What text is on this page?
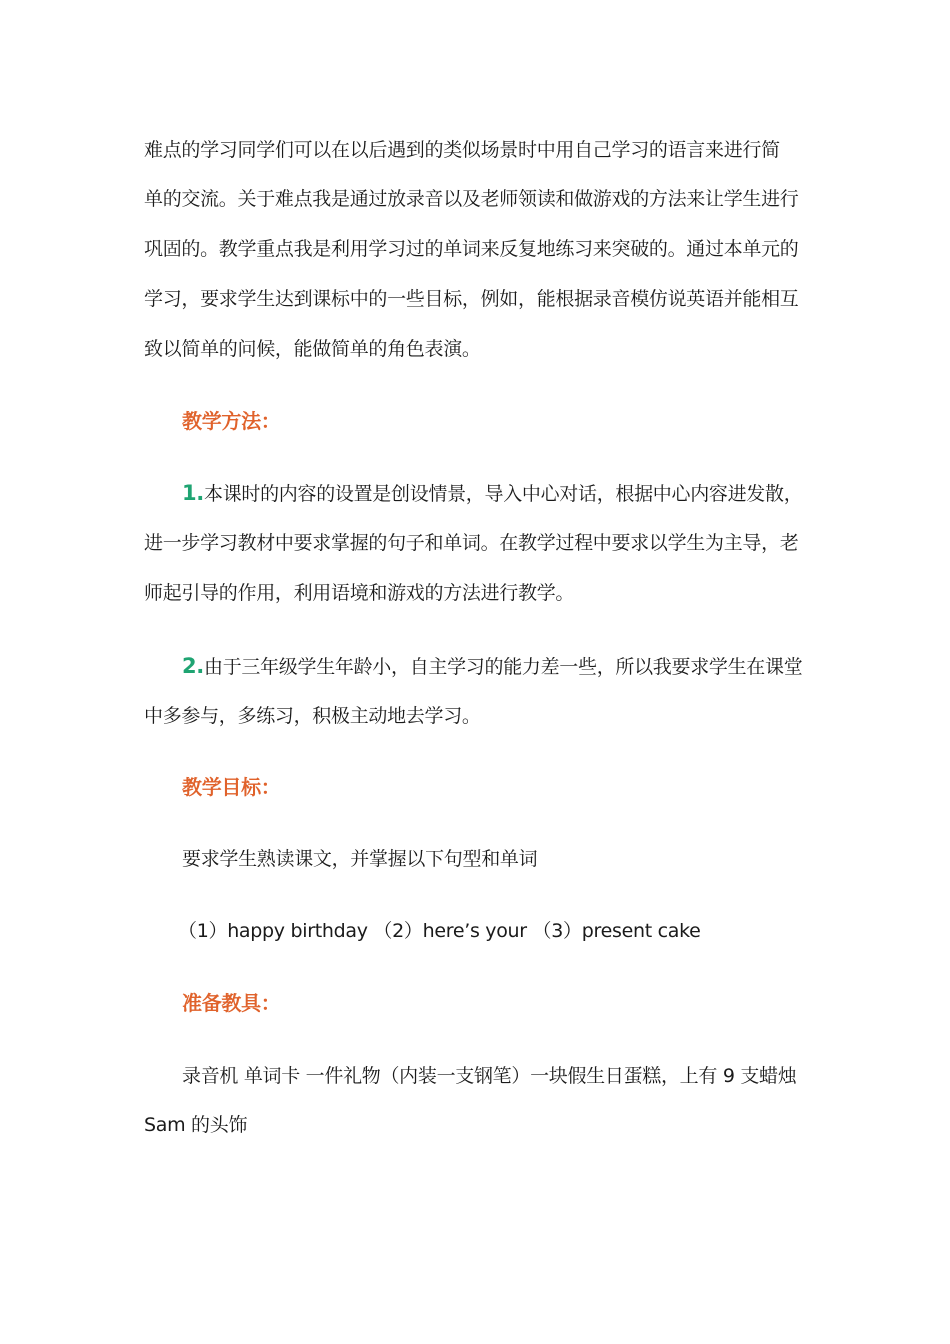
难点的学习同学们可以在以后遇到的类似场景时中用自己学习的语言来进行简
单的交流。关于难点我是通过放录音以及老师领读和做游戏的方法来让学生进行
巩固的。教学重点我是利用学习过的单词来反复地练习来突破的。通过本单元的
学习，要求学生达到课标中的一些目标，例如，能根据录音模仿说英语并能相互
致以简单的问候，能做简单的角色表演。
教学方法：
1.本课时的内容的设置是创设情景，导入中心对话，根据中心内容进发散，
进一步学习教材中要求掌握的句子和单词。在教学过程中要求以学生为主导，老
师起引导的作用，利用语境和游戏的方法进行教学。
2.由于三年级学生年龄小，自主学习的能力差一些，所以我要求学生在课堂
中多参与，多练习，积极主动地去学习。
教学目标：
要求学生熟读课文，并掌握以下句型和单词
（1）happy birthday （2）here’s your （3）present cake
准备教具：
录音机 单词卡 一件礼物（内装一支钢笔）一块假生日蛋糕，上有 9 支蜡烛
Sam 的头饰
